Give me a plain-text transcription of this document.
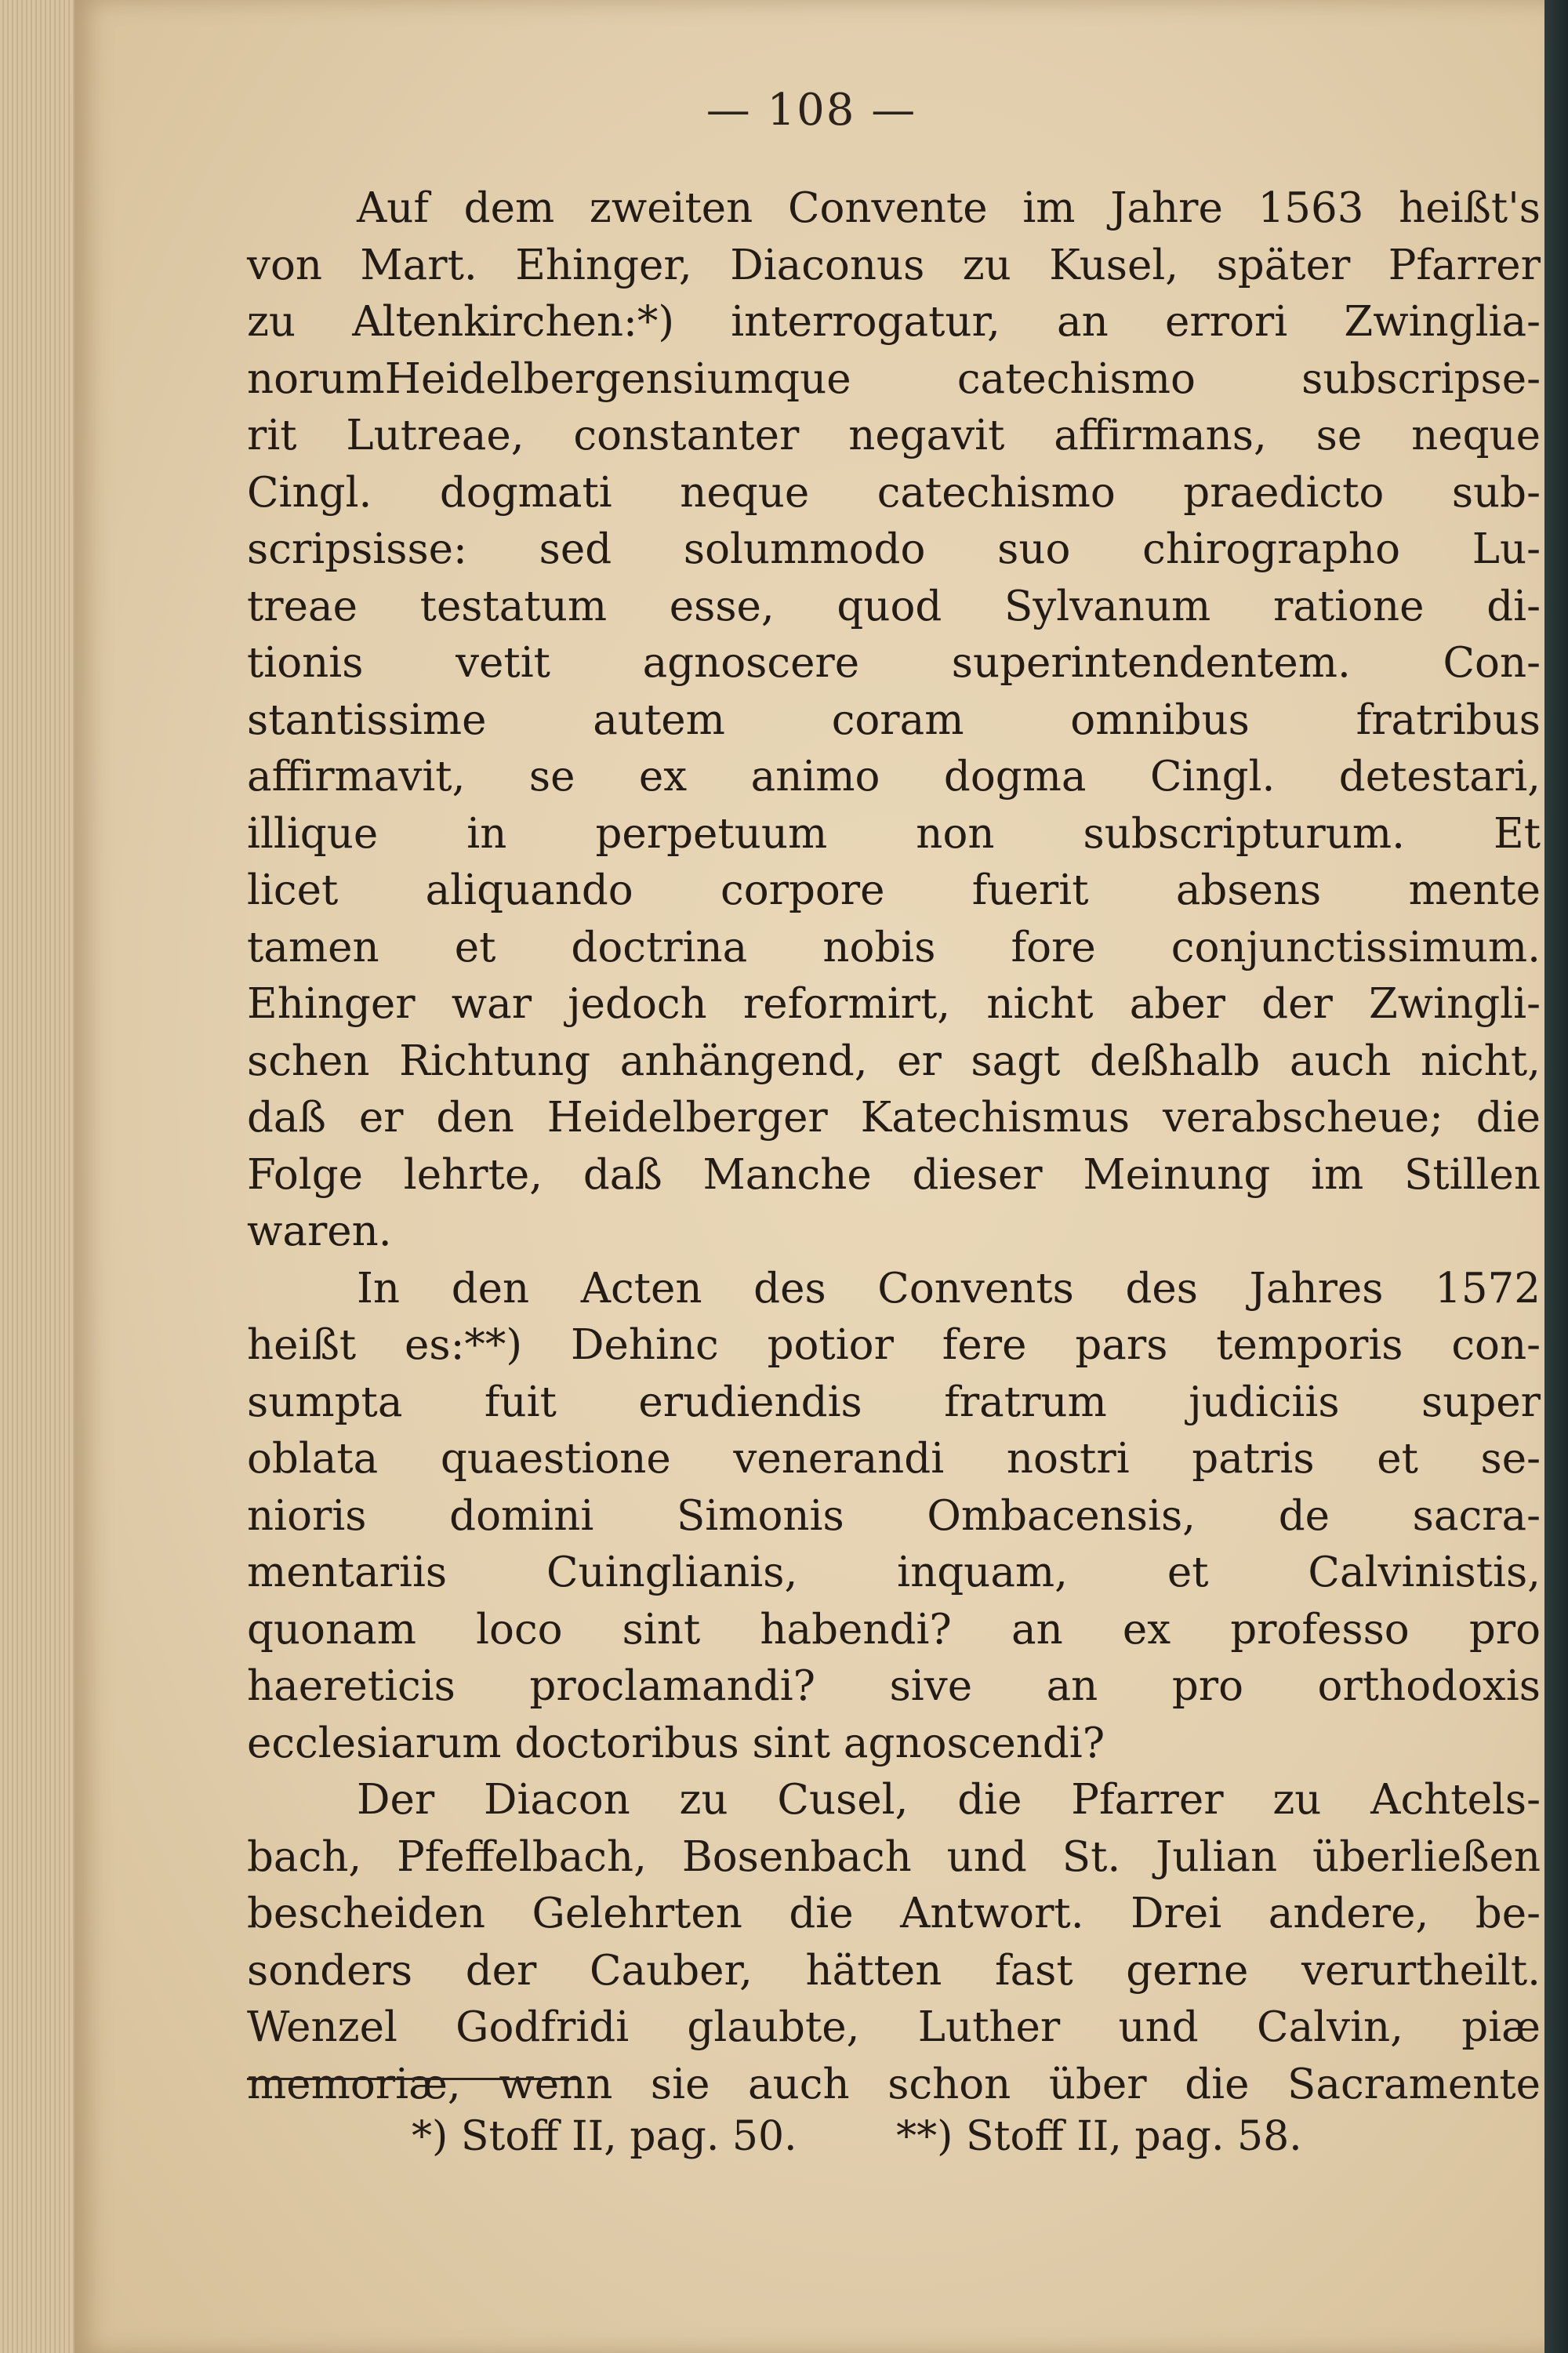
— 108 —

Auf dem zweiten Convente im Jahre 1563 heißt's
von Mart. Ehinger, Diaconus zu Kusel, später Pfarrer
zu Altenkirchen:*) interrogatur, an errori Zwinglia-
norumHeidelbergensiumque catechismo subscripse-
rit Lutreae, constanter negavit affirmans, se neque
Cingl. dogmati neque catechismo praedicto sub-
scripsisse: sed solummodo suo chirographo Lu-
treae testatum esse, quod Sylvanum ratione di-
tionis vetit agnoscere superintendentem. Con-
stantissime autem coram omnibus fratribus
affirmavit, se ex animo dogma Cingl. detestari,
illique in perpetuum non subscripturum. Et
licet aliquando corpore fuerit absens mente
tamen et doctrina nobis fore conjunctissimum.
Ehinger war jedoch reformirt, nicht aber der Zwingli-
schen Richtung anhängend, er sagt deßhalb auch nicht,
daß er den Heidelberger Katechismus verabscheue; die
Folge lehrte, daß Manche dieser Meinung im Stillen
waren.

In den Acten des Convents des Jahres 1572
heißt es:**) Dehinc potior fere pars temporis con-
sumpta fuit erudiendis fratrum judiciis super
oblata quaestione venerandi nostri patris et se-
nioris domini Simonis Ombacensis, de sacra-
mentariis Cuinglianis, inquam, et Calvinistis,
quonam loco sint habendi? an ex professo pro
haereticis proclamandi? sive an pro orthodoxis
ecclesiarum doctoribus sint agnoscendi?

Der Diacon zu Cusel, die Pfarrer zu Achtels-
bach, Pfeffelbach, Bosenbach und St. Julian überließen
bescheiden Gelehrten die Antwort. Drei andere, be-
sonders der Cauber, hätten fast gerne verurtheilt.
Wenzel Godfridi glaubte, Luther und Calvin, piæ
memoriæ, wenn sie auch schon über die Sacramente

*) Stoff II, pag. 50. **) Stoff II, pag. 58.
